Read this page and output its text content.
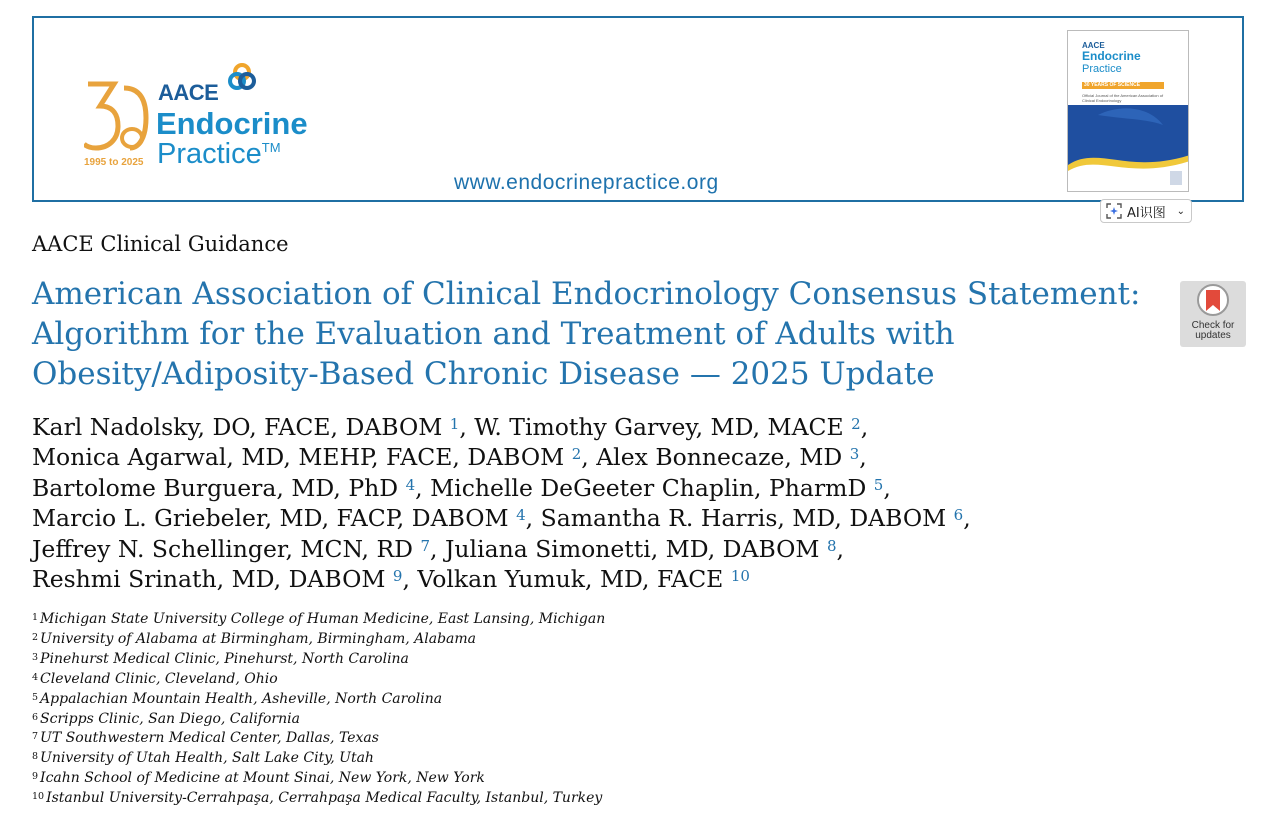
1995 to 2025
AACE
Endocrine
Practice™
www.endocrinepractice.org
AACE
Endocrine
Practice
30 YEARS OF SCIENCE
Official Journal of the American Association of Clinical Endocrinology
AI识图 ⌄
AACE Clinical Guidance
American Association of Clinical Endocrinology Consensus Statement:
Algorithm for the Evaluation and Treatment of Adults with
Obesity/Adiposity-Based Chronic Disease — 2025 Update
Check for
updates
Karl Nadolsky, DO, FACE, DABOM $^1$, W. Timothy Garvey, MD, MACE $^2$,
Monica Agarwal, MD, MEHP, FACE, DABOM $^2$, Alex Bonnecaze, MD $^3$,
Bartolome Burguera, MD, PhD $^4$, Michelle DeGeeter Chaplin, PharmD $^5$,
Marcio L. Griebeler, MD, FACP, DABOM $^4$, Samantha R. Harris, MD, DABOM $^6$,
Jeffrey N. Schellinger, MCN, RD $^7$, Juliana Simonetti, MD, DABOM $^8$,
Reshmi Srinath, MD, DABOM $^9$, Volkan Yumuk, MD, FACE $^{10}$
$^1$ Michigan State University College of Human Medicine, East Lansing, Michigan
$^2$ University of Alabama at Birmingham, Birmingham, Alabama
$^3$ Pinehurst Medical Clinic, Pinehurst, North Carolina
$^4$ Cleveland Clinic, Cleveland, Ohio
$^5$ Appalachian Mountain Health, Asheville, North Carolina
$^6$ Scripps Clinic, San Diego, California
$^7$ UT Southwestern Medical Center, Dallas, Texas
$^8$ University of Utah Health, Salt Lake City, Utah
$^9$ Icahn School of Medicine at Mount Sinai, New York, New York
$^{10}$ Istanbul University-Cerrahpaşa, Cerrahpaşa Medical Faculty, Istanbul, Turkey
